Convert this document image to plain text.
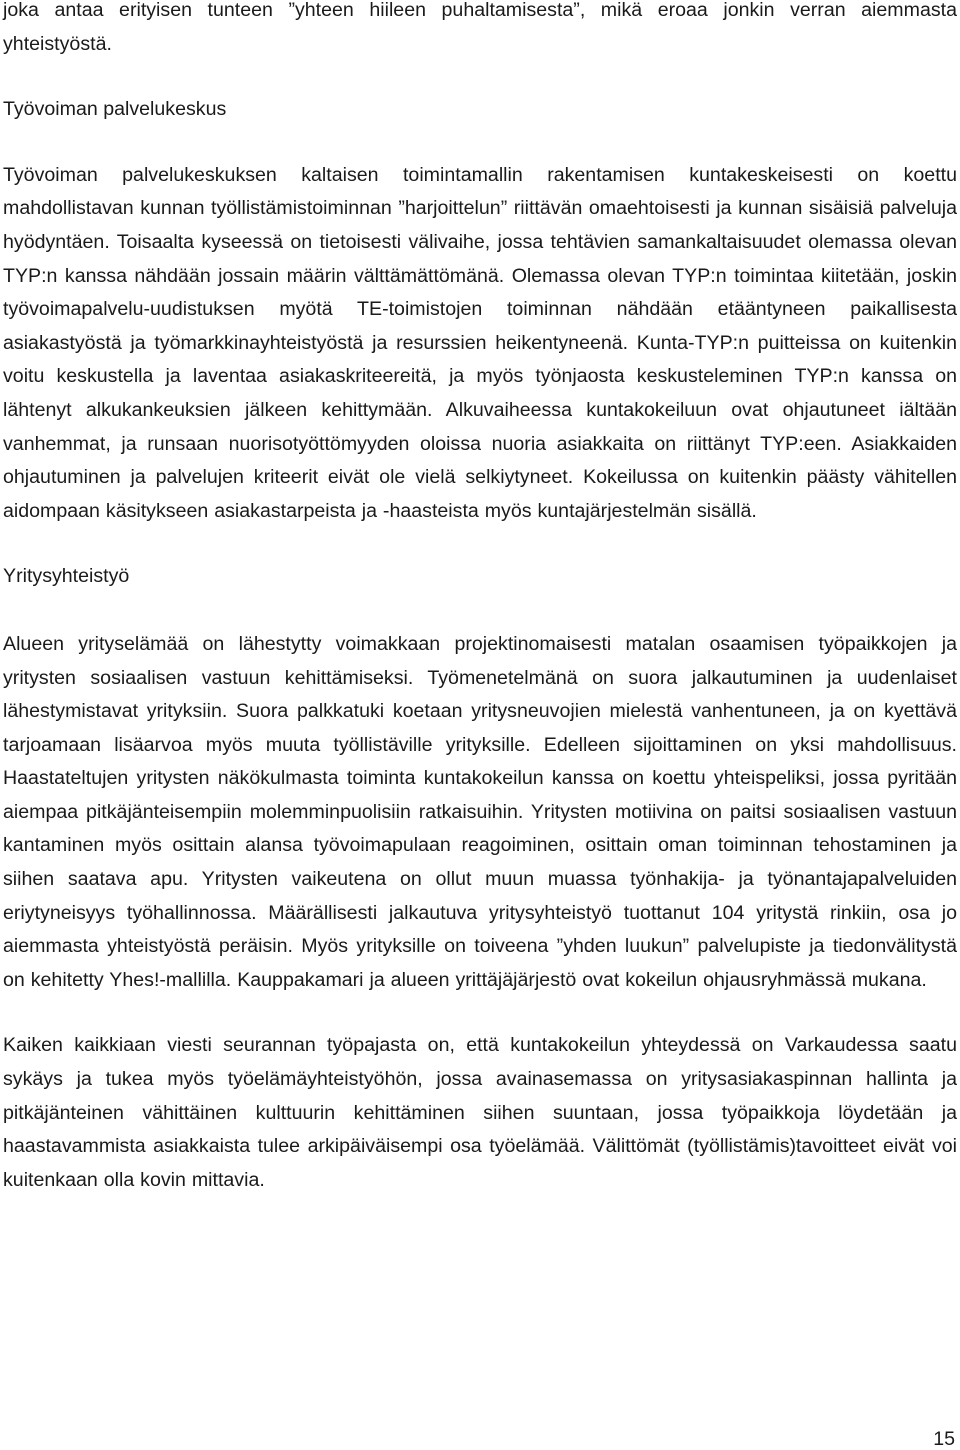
joka antaa erityisen tunteen ”yhteen hiileen puhaltamisesta”, mikä eroaa jonkin verran aiemmasta yhteistyöstä.

Työvoiman palvelukeskus

Työvoiman palvelukeskuksen kaltaisen toimintamallin rakentamisen kuntakeskeisesti on koettu mahdollistavan kunnan työllistämistoiminnan ”harjoittelun” riittävän omaehtoisesti ja kunnan sisäisiä palveluja hyödyntäen. Toisaalta kyseessä on tietoisesti välivaihe, jossa tehtävien samankaltaisuudet olemassa olevan TYP:n kanssa nähdään jossain määrin välttämättömänä. Olemassa olevan TYP:n toimintaa kiitetään, joskin työvoimapalvelu-uudistuksen myötä TE-toimistojen toiminnan nähdään etääntyneen paikallisesta asiakastyöstä ja työmarkkinayhteistyöstä ja resurssien heikentyneenä. Kunta-TYP:n puitteissa on kuitenkin voitu keskustella ja laventaa asiakaskriteereitä, ja myös työnjaosta keskusteleminen TYP:n kanssa on lähtenyt alkukankeuksien jälkeen kehittymään. Alkuvaiheessa kuntakokeiluun ovat ohjautuneet iältään vanhemmat, ja runsaan nuorisotyöttömyyden oloissa nuoria asiakkaita on riittänyt TYP:een. Asiakkaiden ohjautuminen ja palvelujen kriteerit eivät ole vielä selkiytyneet. Kokeilussa on kuitenkin päästy vähitellen aidompaan käsitykseen asiakastarpeista ja -haasteista myös kuntajärjestelmän sisällä.

Yritysyhteistyö

Alueen yrityselämää on lähestytty voimakkaan projektinomaisesti matalan osaamisen työpaikkojen ja yritysten sosiaalisen vastuun kehittämiseksi. Työmenetelmänä on suora jalkautuminen ja uudenlaiset lähestymistavat yrityksiin. Suora palkkatuki koetaan yritysneuvojien mielestä vanhentuneen, ja on kyettävä tarjoamaan lisäarvoa myös muuta työllistäville yrityksille. Edelleen sijoittaminen on yksi mahdollisuus. Haastateltujen yritysten näkökulmasta toiminta kuntakokeilun kanssa on koettu yhteispeliksi, jossa pyritään aiempaa pitkäjänteisempiin molemminpuolisiin ratkaisuihin. Yritysten motiivina on paitsi sosiaalisen vastuun kantaminen myös osittain alansa työvoimapulaan reagoiminen, osittain oman toiminnan tehostaminen ja siihen saatava apu. Yritysten vaikeutena on ollut muun muassa työnhakija- ja työnantajapalveluiden eriytyneisyys työhallinnossa. Määrällisesti jalkautuva yritysyhteistyö tuottanut 104 yritystä rinkiin, osa jo aiemmasta yhteistyöstä peräisin. Myös yrityksille on toiveena ”yhden luukun” palvelupiste ja tiedonvälitystä on kehitetty Yhes!-mallilla. Kauppakamari ja alueen yrittäjäjärjestö ovat kokeilun ohjausryhmässä mukana.

Kaiken kaikkiaan viesti seurannan työpajasta on, että kuntakokeilun yhteydessä on Varkaudessa saatu sykäys ja tukea myös työelämäyhteistyöhön, jossa avainasemassa on yritysasiakaspinnan hallinta ja pitkäjänteinen vähittäinen kulttuurin kehittäminen siihen suuntaan, jossa työpaikkoja löydetään ja haastavammista asiakkaista tulee arkipäiväisempi osa työelämää. Välittömät (työllistämis)tavoitteet eivät voi kuitenkaan olla kovin mittavia.

15
